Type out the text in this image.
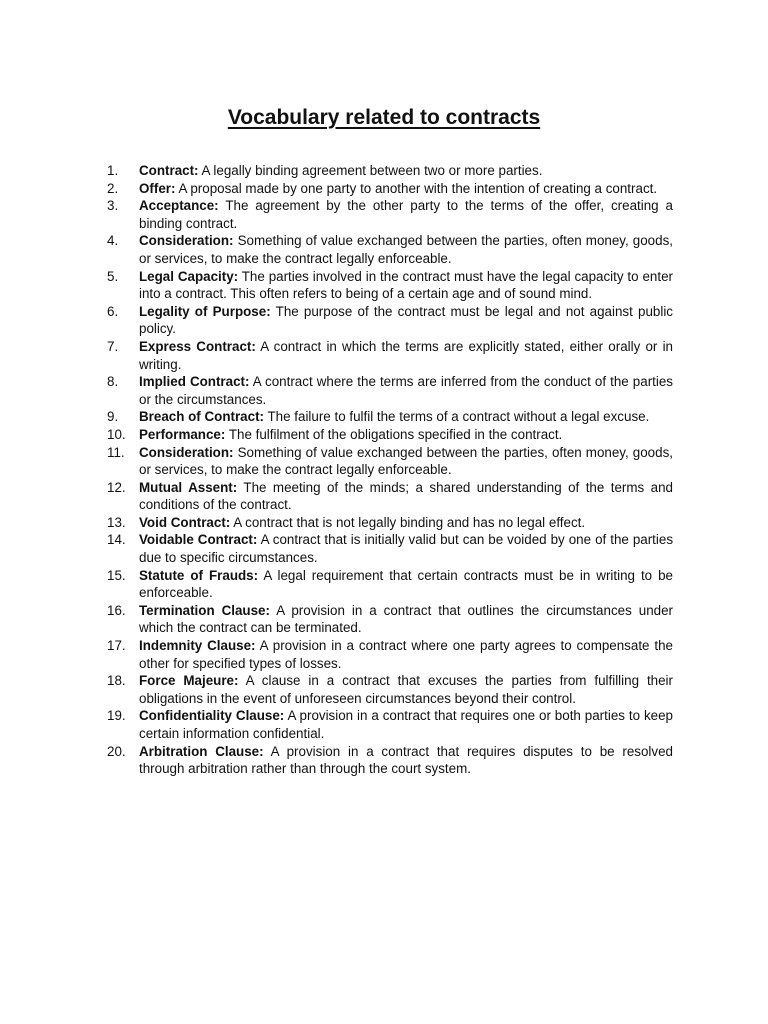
Vocabulary related to contracts
1.	Contract: A legally binding agreement between two or more parties.
2.	Offer: A proposal made by one party to another with the intention of creating a contract.
3.	Acceptance: The agreement by the other party to the terms of the offer, creating a binding contract.
4.	Consideration: Something of value exchanged between the parties, often money, goods, or services, to make the contract legally enforceable.
5.	Legal Capacity: The parties involved in the contract must have the legal capacity to enter into a contract. This often refers to being of a certain age and of sound mind.
6.	Legality of Purpose: The purpose of the contract must be legal and not against public policy.
7.	Express Contract: A contract in which the terms are explicitly stated, either orally or in writing.
8.	Implied Contract: A contract where the terms are inferred from the conduct of the parties or the circumstances.
9.	Breach of Contract: The failure to fulfil the terms of a contract without a legal excuse.
10. Performance: The fulfilment of the obligations specified in the contract.
11.	Consideration: Something of value exchanged between the parties, often money, goods, or services, to make the contract legally enforceable.
12. Mutual Assent: The meeting of the minds; a shared understanding of the terms and conditions of the contract.
13. Void Contract: A contract that is not legally binding and has no legal effect.
14. Voidable Contract: A contract that is initially valid but can be voided by one of the parties due to specific circumstances.
15. Statute of Frauds: A legal requirement that certain contracts must be in writing to be enforceable.
16. Termination Clause: A provision in a contract that outlines the circumstances under which the contract can be terminated.
17. Indemnity Clause: A provision in a contract where one party agrees to compensate the other for specified types of losses.
18. Force Majeure: A clause in a contract that excuses the parties from fulfilling their obligations in the event of unforeseen circumstances beyond their control.
19. Confidentiality Clause: A provision in a contract that requires one or both parties to keep certain information confidential.
20. Arbitration Clause: A provision in a contract that requires disputes to be resolved through arbitration rather than through the court system.
